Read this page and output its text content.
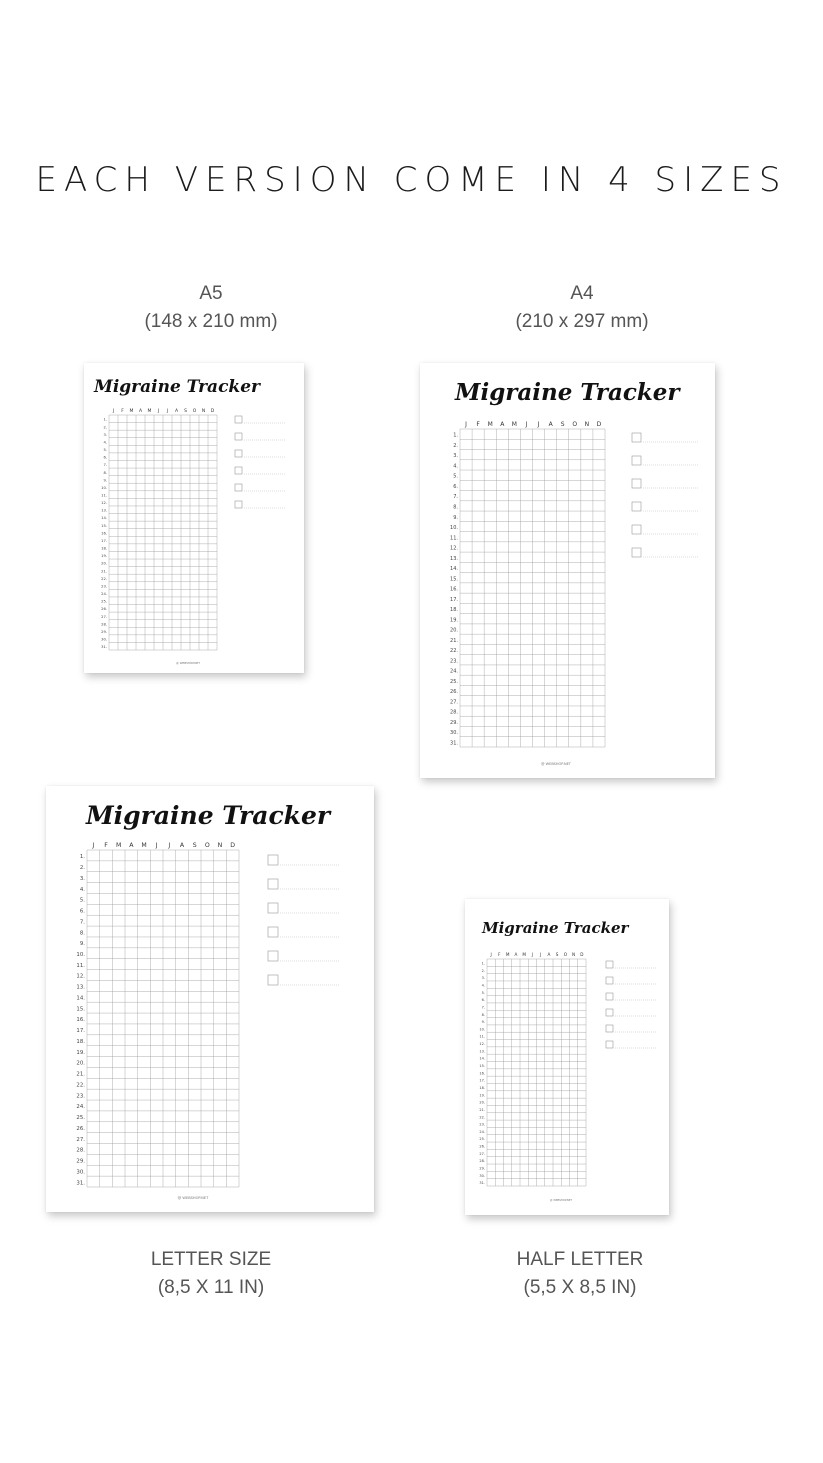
EACH VERSION COME IN 4 SIZES
A5
(148 x 210 mm)
A4
(210 x 297 mm)
LETTER SIZE
(8,5 X 11 IN)
HALF LETTER
(5,5 X 8,5 IN)
Migraine Tracker
J F M A M J J A S O N D
1.
2.
3.
4.
5.
6.
7.
8.
9.
10.
11.
12.
13.
14.
15.
16.
17.
18.
19.
20.
21.
22.
23.
24.
25.
26.
27.
28.
29.
30.
31.
@ WEBSHOP.NET
Migraine Tracker
J F M A M J J A S O N D
1.
2.
3.
4.
5.
6.
7.
8.
9.
10.
11.
12.
13.
14.
15.
16.
17.
18.
19.
20.
21.
22.
23.
24.
25.
26.
27.
28.
29.
30.
31.
@ WEBSHOP.NET
Migraine Tracker
J F M A M J J A S O N D
1.
2.
3.
4.
5.
6.
7.
8.
9.
10.
11.
12.
13.
14.
15.
16.
17.
18.
19.
20.
21.
22.
23.
24.
25.
26.
27.
28.
29.
30.
31.
@ WEBSHOP.NET
Migraine Tracker
J F M A M J J A S O N D
1.
2.
3.
4.
5.
6.
7.
8.
9.
10.
11.
12.
13.
14.
15.
16.
17.
18.
19.
20.
21.
22.
23.
24.
25.
26.
27.
28.
29.
30.
31.
@ WEBSHOP.NET
